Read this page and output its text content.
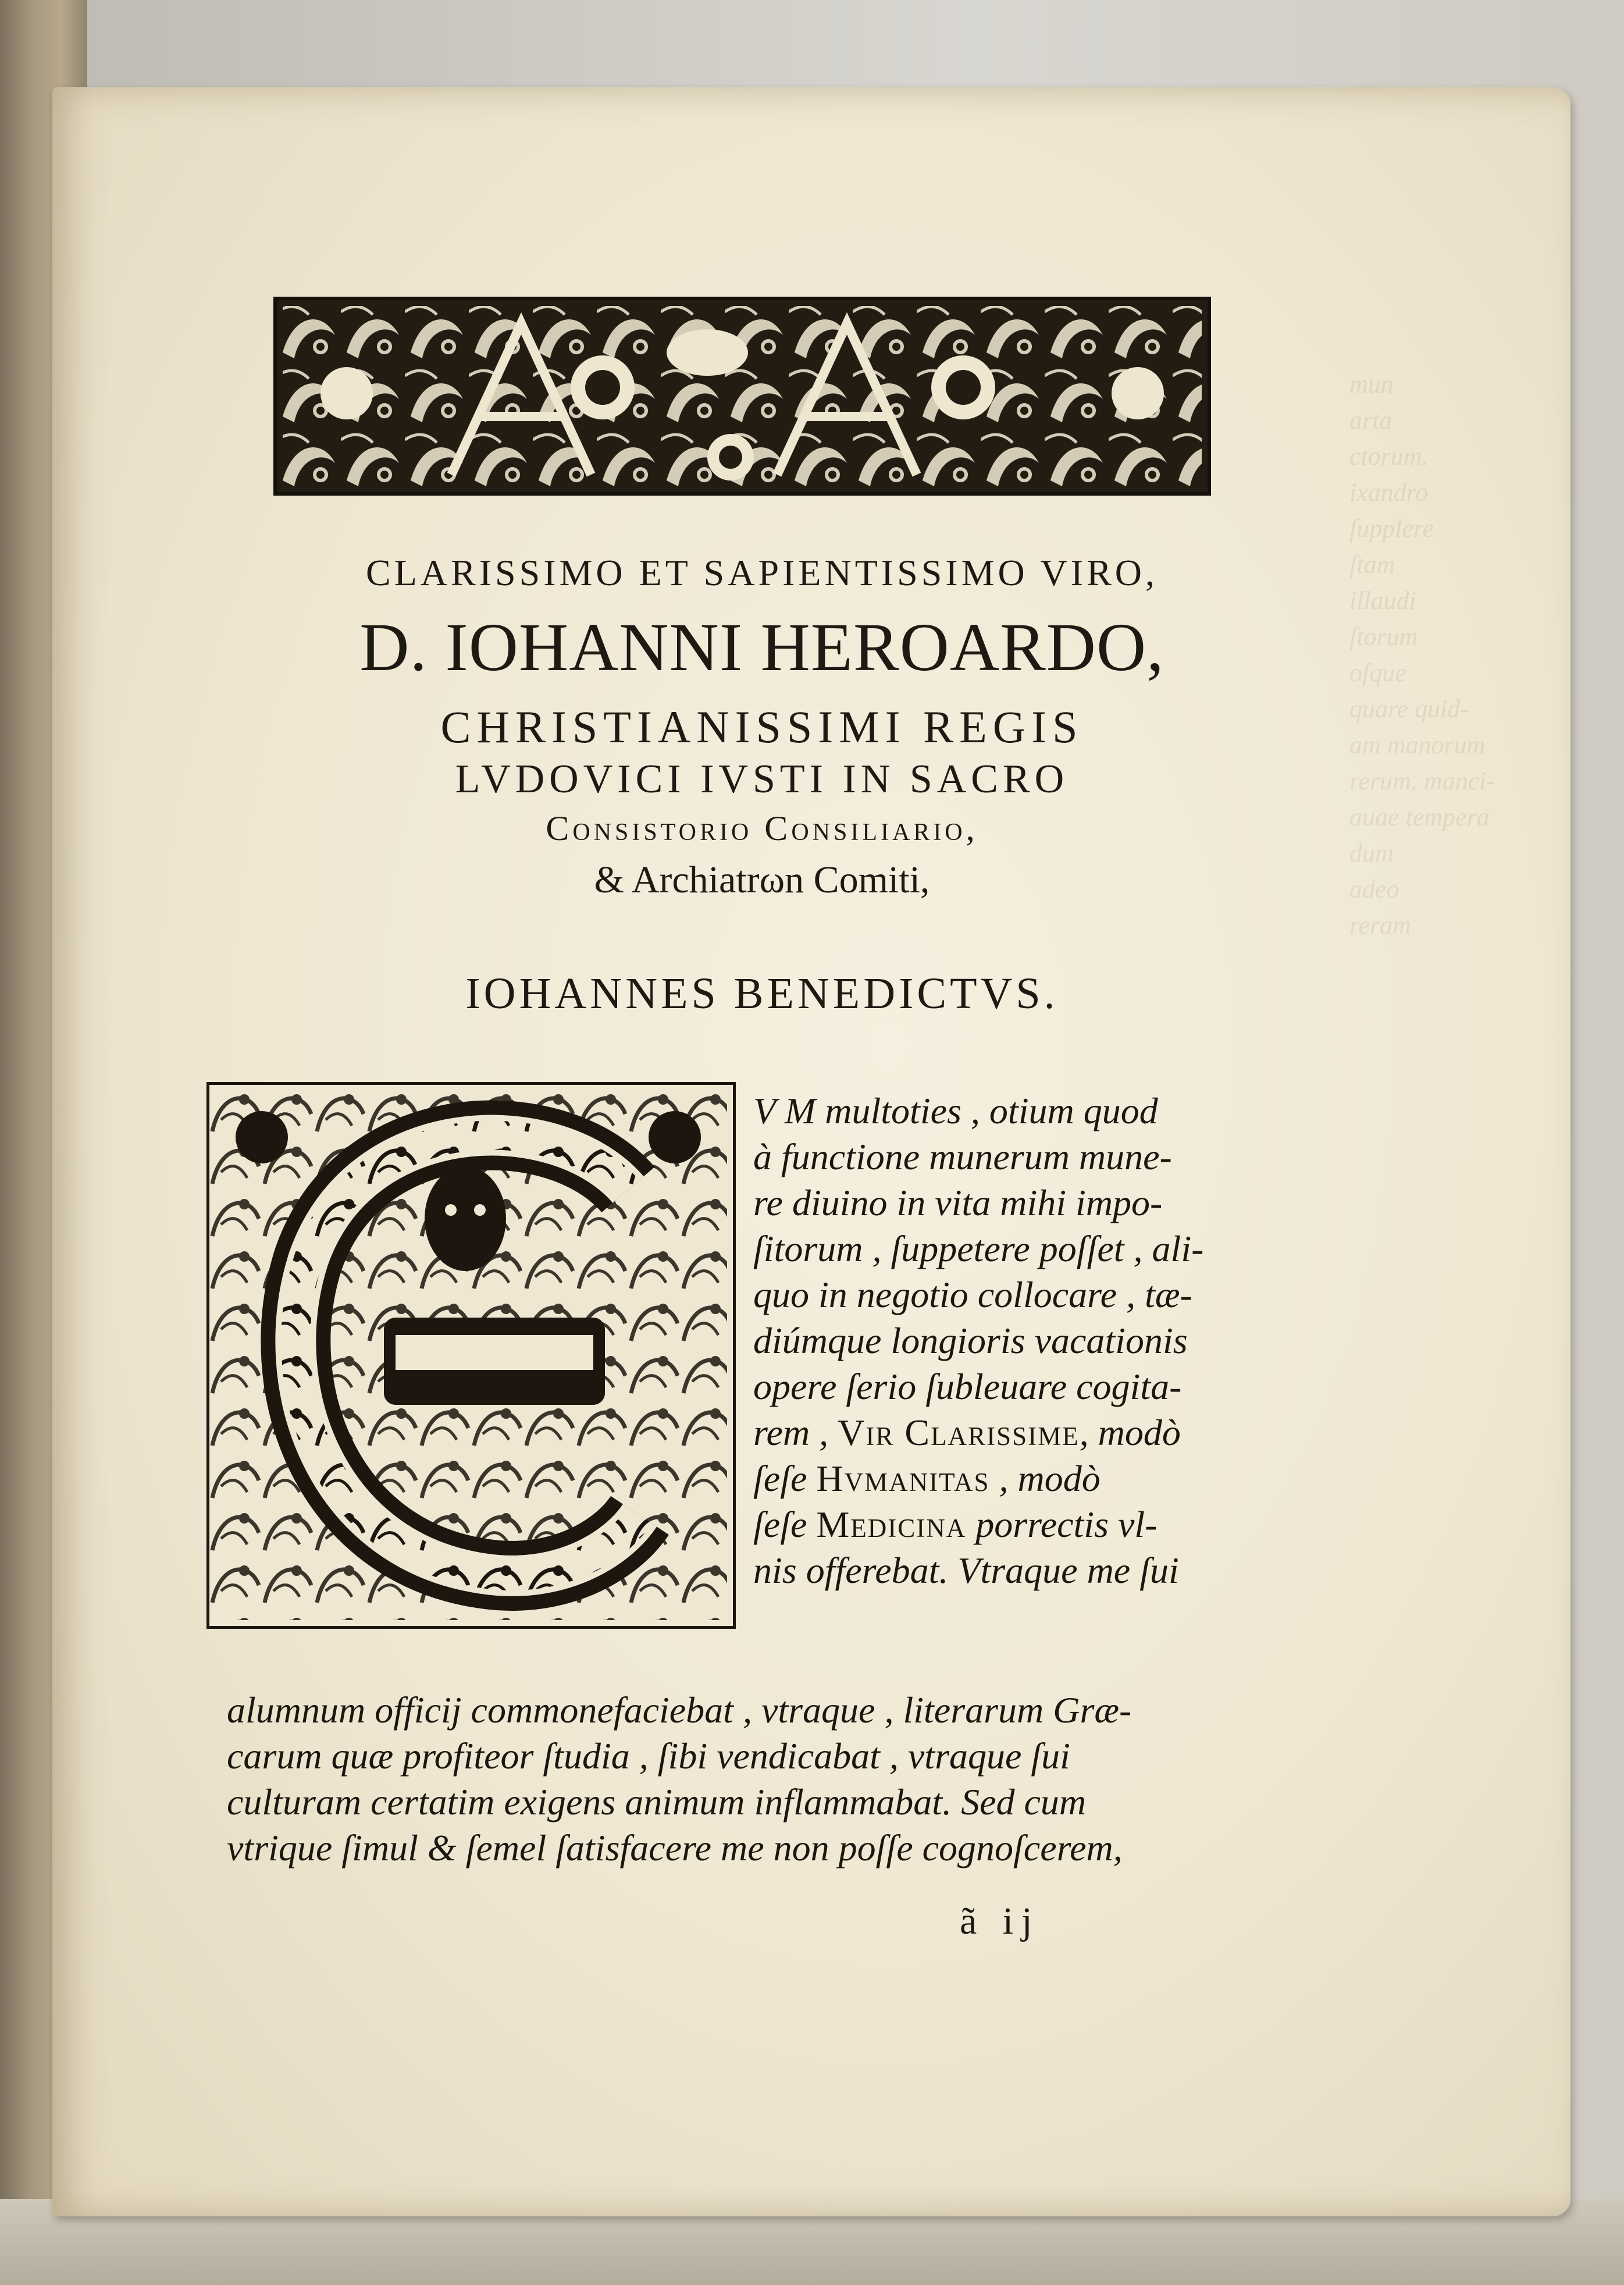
mun
arta
ctorum.
ixandro
ſupplere
ſtam
illaudi
ſtorum
oſque
quare quid-
am manorum
rerum. manci-
auae tempera
dum
adeo
reram
CLARISSIMO ET SAPIENTISSIMO VIRO,
D. IOHANNI HEROARDO,
CHRISTIANISSIMI REGIS
LVDOVICI IVSTI IN SACRO
Consistorio Consiliario,
& Archiatrωn Comiti,
IOHANNES BENEDICTVS.
V M multoties , otium quod
à functione munerum mune-
re diuino in vita mihi impo-
ſitorum , ſuppetere poſſet , ali-
quo in negotio collocare , tæ-
diúmque longioris vacationis
opere ſerio ſubleuare cogita-
rem , Vir Clarissime, modò
ſeſe Hvmanitas , modò
ſeſe Medicina porrectis vl-
nis offerebat. Vtraque me ſui
alumnum officij commonefaciebat , vtraque , literarum Græ-
carum quæ profiteor ſtudia , ſibi vendicabat , vtraque ſui
culturam certatim exigens animum inflammabat. Sed cum
vtrique ſimul & ſemel ſatisfacere me non poſſe cognoſcerem,
ã ij
